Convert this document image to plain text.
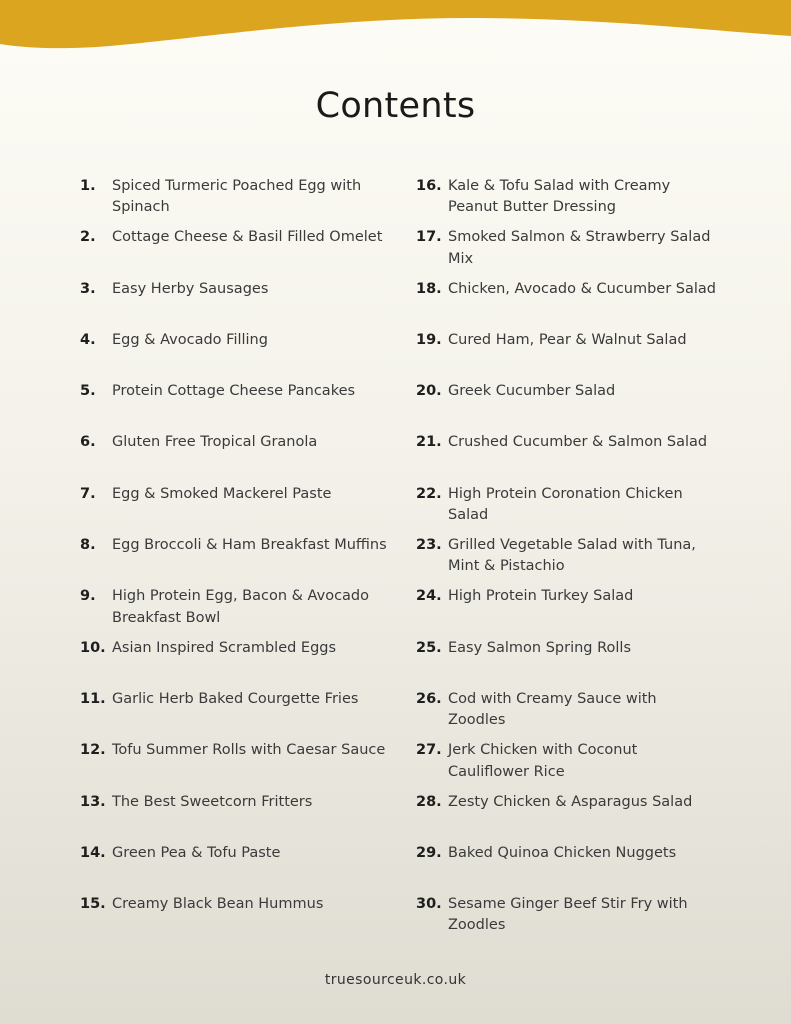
Contents
1.	Spiced Turmeric Poached Egg with Spinach
2.	Cottage Cheese & Basil Filled Omelet
3.	Easy Herby Sausages
4.	Egg & Avocado Filling
5.	Protein Cottage Cheese Pancakes
6.	Gluten Free Tropical Granola
7.	Egg & Smoked Mackerel Paste
8.	Egg Broccoli & Ham Breakfast Muffins
9.	High Protein Egg, Bacon & Avocado Breakfast Bowl
10. Asian Inspired Scrambled Eggs
11. Garlic Herb Baked Courgette Fries
12. Tofu Summer Rolls with Caesar Sauce
13. The Best Sweetcorn Fritters
14. Green Pea & Tofu Paste
15. Creamy Black Bean Hummus
16. Kale & Tofu Salad with Creamy Peanut Butter Dressing
17. Smoked Salmon & Strawberry Salad Mix
18. Chicken, Avocado & Cucumber Salad
19. Cured Ham, Pear & Walnut Salad
20. Greek Cucumber Salad
21. Crushed Cucumber & Salmon Salad
22. High Protein Coronation Chicken Salad
23. Grilled Vegetable Salad with Tuna, Mint & Pistachio
24. High Protein Turkey Salad
25. Easy Salmon Spring Rolls
26. Cod with Creamy Sauce with Zoodles
27. Jerk Chicken with Coconut Cauliflower Rice
28. Zesty Chicken & Asparagus Salad
29. Baked Quinoa Chicken Nuggets
30. Sesame Ginger Beef Stir Fry with Zoodles
truesourceuk.co.uk
